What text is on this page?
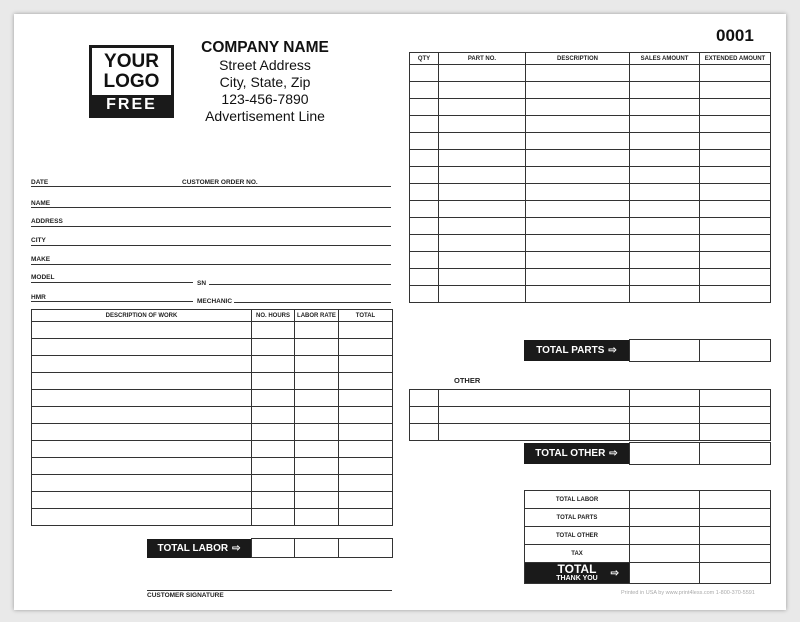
0001
YOUR
LOGO
FREE
COMPANY NAME
Street Address
City, State, Zip
123-456-7890
Advertisement Line
DATE	CUSTOMER ORDER NO.
NAME
ADDRESS
CITY
MAKE
MODEL
SN
HMR
MECHANIC
DESCRIPTION OF WORK	NO. HOURS	LABOR RATE	TOTAL

TOTAL LABOR ⇨
CUSTOMER SIGNATURE
QTY	PART NO.	DESCRIPTION	SALES AMOUNT	EXTENDED AMOUNT

TOTAL PARTS ⇨
OTHER

TOTAL OTHER ⇨
TOTAL LABOR		
TOTAL PARTS		
TOTAL OTHER		
TAX		

TOTAL
THANK YOU ⇨		

Printed in USA by www.print4less.com 1-800-370-5591
